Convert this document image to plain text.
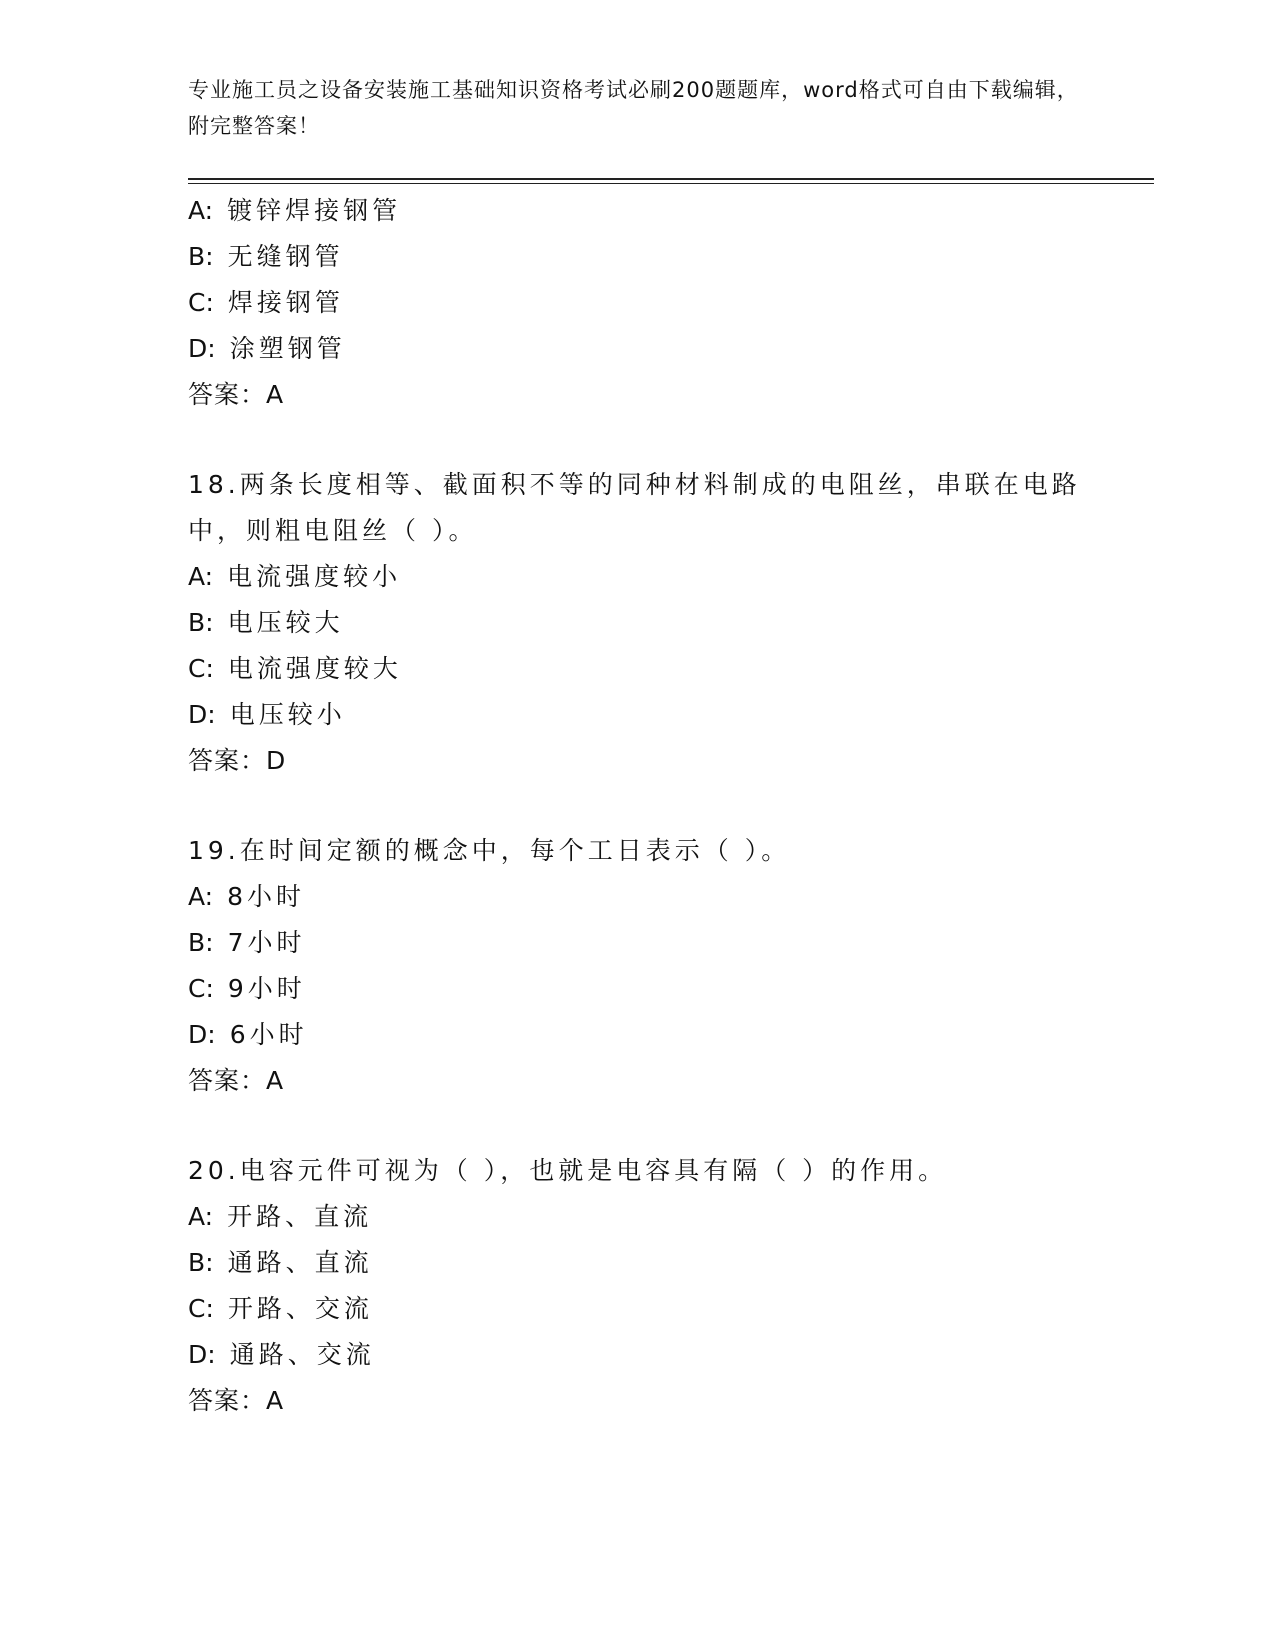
专业施工员之设备安装施工基础知识资格考试必刷200题题库，word格式可自由下载编辑，附完整答案！
A: 镀锌焊接钢管
B: 无缝钢管
C: 焊接钢管
D: 涂塑钢管
答案：A
18.两条长度相等、截面积不等的同种材料制成的电阻丝，串联在电路中，则粗电阻丝（ ）。
A: 电流强度较小
B: 电压较大
C: 电流强度较大
D: 电压较小
答案：D
19.在时间定额的概念中，每个工日表示（ ）。
A: 8小时
B: 7小时
C: 9小时
D: 6小时
答案：A
20.电容元件可视为（ ），也就是电容具有隔（ ）的作用。
A: 开路、直流
B: 通路、直流
C: 开路、交流
D: 通路、交流
答案：A
